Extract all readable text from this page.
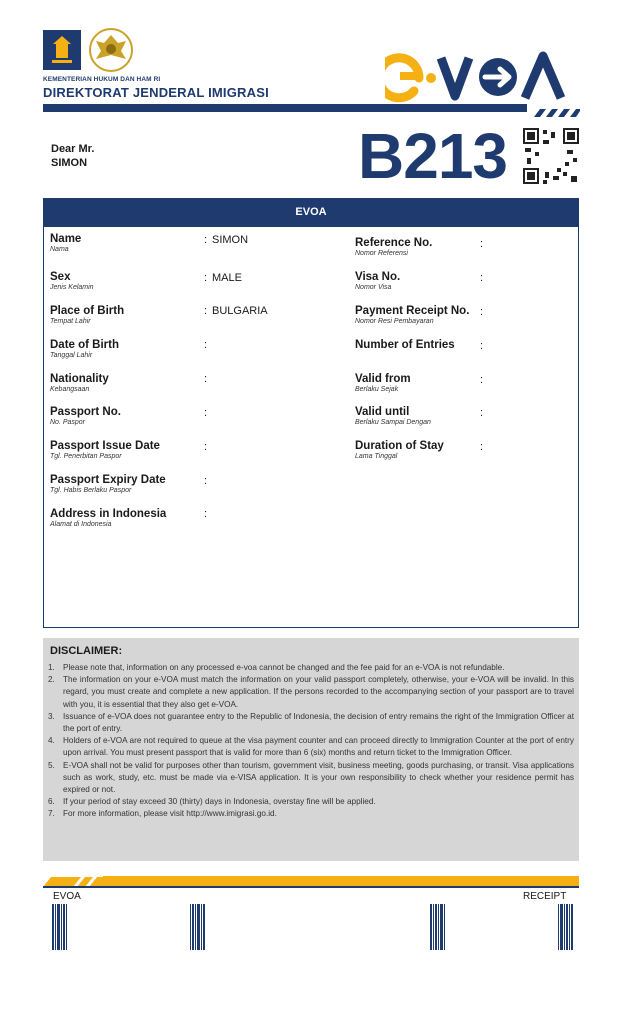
KEMENTERIAN HUKUM DAN HAM RI
DIREKTORAT JENDERAL IMIGRASI
Dear Mr.
SIMON	B213
EVOA
Name
Nama
: SIMON
Sex
Jenis Kelamin
: MALE
Place of Birth
Tempat Lahir
: BULGARIA
Date of Birth
Tanggal Lahir
:
Nationality
Kebangsaan
:
Passport No.
No. Paspor
:
Passport Issue Date
Tgl. Penerbitan Paspor
:
Passport Expiry Date
Tgl. Habis Berlaku Paspor
:
Address in Indonesia
Alamat di Indonesia
:
Reference No.
Nomor Referensi
:
Visa No.
Nomor Visa
:
Payment Receipt No.
Nomor Resi Pembayaran
:
Number of Entries :
Valid from
Berlaku Sejak
:
Valid until
Berlaku Sampai Dengan
:
Duration of Stay
Lama Tinggal
:
DISCLAIMER:
1. Please note that, information on any processed e-voa cannot be changed and the fee paid for an e-VOA is not refundable.
2. The information on your e-VOA must match the information on your valid passport completely, otherwise, your e-VOA will be invalid. In this regard, you must create and complete a new application. If the persons recorded to the accompanying section of your passport are to travel with you, it is essential that they also get e-VOA.
3. Issuance of e-VOA does not guarantee entry to the Republic of Indonesia, the decision of entry remains the right of the Immigration Officer at the port of entry.
4. Holders of e-VOA are not required to queue at the visa payment counter and can proceed directly to Immigration Counter at the port of entry upon arrival. You must present passport that is valid for more than 6 (six) months and return ticket to the Immigration Officer.
5. E-VOA shall not be valid for purposes other than tourism, government visit, business meeting, goods purchasing, or transit. Visa applications such as work, study, etc. must be made via e-VISA application. It is your own responsibility to check whether your residence permit has expired or not.
6. If your period of stay exceed 30 (thirty) days in Indonesia, overstay fine will be applied.
7. For more information, please visit http://www.imigrasi.go.id.
EVOA	RECEIPT
